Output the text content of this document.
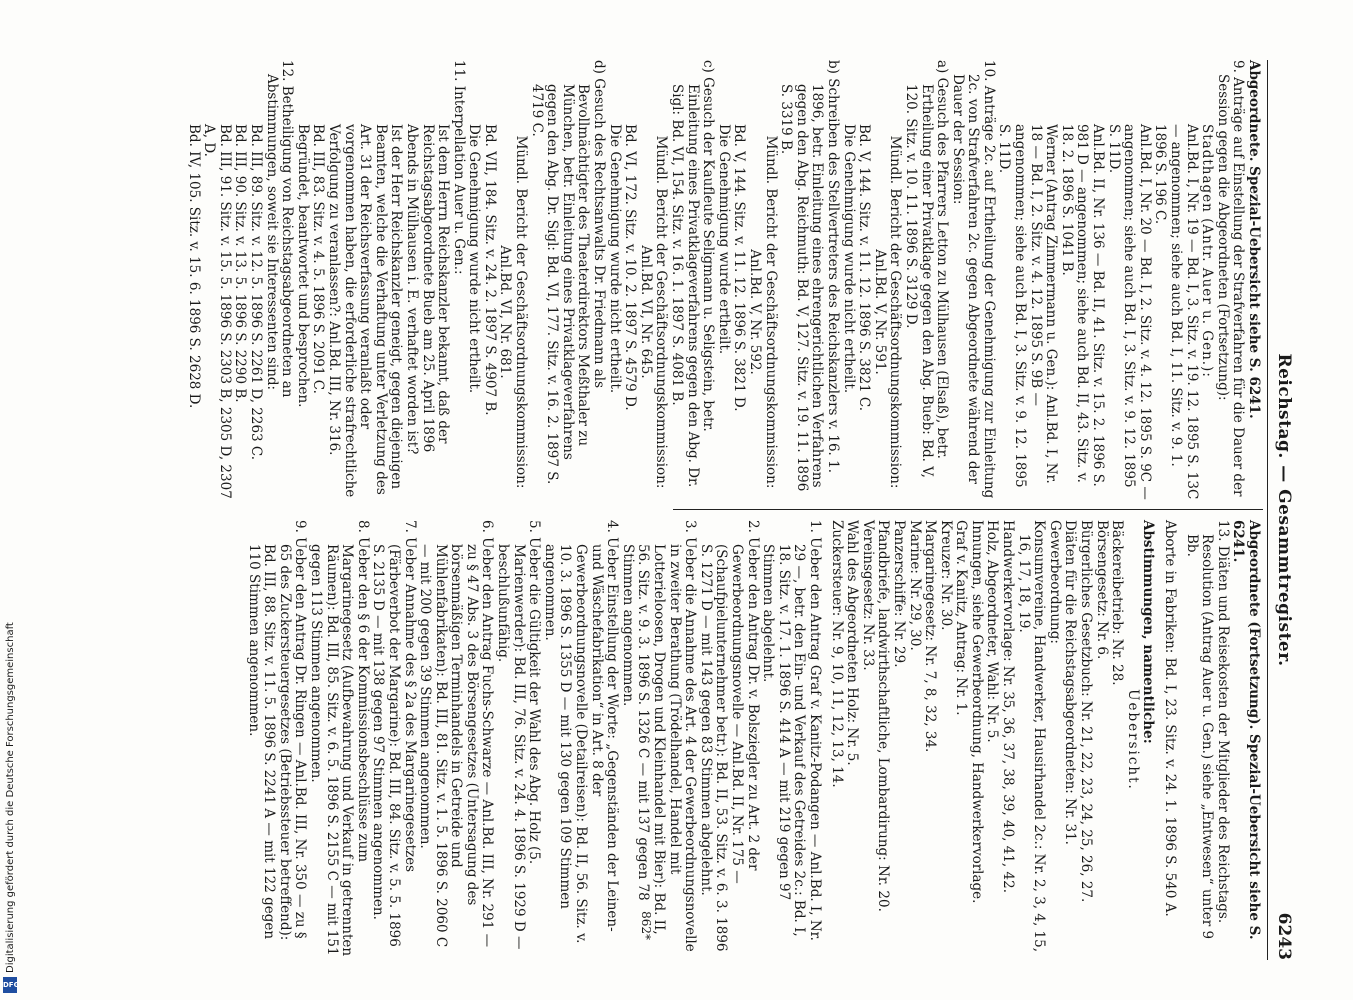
Reichstag. — Gesammtregister.
6243

Abgeordnete. Spezial-Uebersicht siehe S. 6241.

9. Anträge auf Einstellung der Strafverfahren für die Dauer der Session gegen die Abgeordneten (Fortsetzung):

Stadthagen (Antr. Auer u. Gen.):

Anl.Bd. I, Nr. 19 — Bd. I, 3. Sitz. v. 19. 12. 1895 S. 13C — angenommen; siehe auch Bd. I, 11. Sitz. v. 9. 1. 1896 S. 196 C.

Anl.Bd. I, Nr. 20 — Bd. I, 2. Sitz. v. 4. 12. 1895 S. 9C — angenommen; siehe auch Bd. I, 3. Sitz. v. 9. 12. 1895 S. 11D.

Anl.Bd. II, Nr. 136 — Bd. II, 41. Sitz. v. 15. 2. 1896 S. 981 D — angenommen; siehe auch Bd. II, 43. Sitz. v. 18. 2. 1896 S. 1041 B.

Werner (Antrag Zimmermann u. Gen.): Anl.Bd. I, Nr. 18 — Bd. I, 2. Sitz. v. 4. 12. 1895 S. 9B — angenommen; siehe auch Bd. I, 3. Sitz. v. 9. 12. 1895 S. 11D.

10. Anträge 2c. auf Ertheilung der Genehmigung zur Einleitung 2c. von Strafverfahren 2c. gegen Abgeordnete während der Dauer der Session:

a) Gesuch des Pfarrers Letton zu Mülhausen (Elsaß), betr. Ertheilung einer Privatklage gegen den Abg. Bueb: Bd. V, 120. Sitz. v. 10. 11. 1896 S. 3129 D.

Mündl. Bericht der Geschäftsordnungskommission: Anl.Bd. V, Nr. 591.

Bd. V, 144. Sitz. v. 11. 12. 1896 S. 3821 C.

Die Genehmigung wurde nicht ertheilt.

b) Schreiben des Stellvertreters des Reichskanzlers v. 16. 1. 1896, betr. Einleitung eines ehrengerichtlichen Verfahrens gegen den Abg. Reichmuth: Bd. V, 127. Sitz. v. 19. 11. 1896 S. 3319 B.

Mündl. Bericht der Geschäftsordnungskommission: Anl.Bd. V, Nr. 592.

Bd. V, 144. Sitz. v. 11. 12. 1896 S. 3821 D.

Die Genehmigung wurde ertheilt.

c) Gesuch der Kaufleute Seligmann u. Seligstein, betr. Einleitung eines Privatklageverfahrens gegen den Abg. Dr. Sigl: Bd. VI, 154. Sitz. v. 16. 1. 1897 S. 4081 B.

Mündl. Bericht der Geschäftsordnungskommission: Anl.Bd. VI, Nr. 645.

Bd. VI, 172. Sitz. v. 10. 2. 1897 S. 4579 D.

Die Genehmigung wurde nicht ertheilt.

d) Gesuch des Rechtsanwalts Dr. Friedmann als Bevollmächtigter des Theaterdirektors Meßthaler zu München, betr. Einleitung eines Privatklageverfahrens gegen den Abg. Dr. Sigl: Bd. VI, 177. Sitz. v. 16. 2. 1897 S. 4719 C.

Mündl. Bericht der Geschäftsordnungskommission: Anl.Bd. VI, Nr. 681.

Bd. VII, 184. Sitz. v. 24. 2. 1897 S. 4907 B.

Die Genehmigung wurde nicht ertheilt.

11. Interpellation Auer u. Gen.:

Ist dem Herrn Reichskanzler bekannt, daß der Reichstagsabgeordnete Bueb am 25. April 1896 Abends in Mülhausen i. E. verhaftet worden ist?

Ist der Herr Reichskanzler geneigt, gegen diejenigen Beamten, welche die Verhaftung unter Verletzung des Art. 31 der Reichsverfassung veranlaßt oder vorgenommen haben, die erforderliche strafrechtliche Verfolgung zu veranlassen?: Anl.Bd. III, Nr. 316.

Bd. III, 83. Sitz. v. 4. 5. 1896 S. 2091 C.

Begründet, beantwortet und besprochen.

12. Betheiligung von Reichstagsabgeordneten an Abstimmungen, soweit sie Interessenten sind:

Bd. III, 89. Sitz. v. 12. 5. 1896 S. 2261 D, 2263 C.

Bd. III, 90. Sitz. v. 13. 5. 1896 S. 2290 B.

Bd. III, 91. Sitz. v. 15. 5. 1896 S. 2303 B, 2305 D, 2307 A, D.

Bd. IV, 105. Sitz. v. 15. 6. 1896 S. 2628 D.

Abgeordnete (Fortsetzung). Spezial-Uebersicht siehe S. 6241.

13. Diäten und Reisekosten der Mitglieder des Reichstags. Resolution (Antrag Auer u. Gen.) siehe „Entwesen“ unter 9 Bb.

Aborte in Fabriken: Bd. I, 23. Sitz. v. 24. 1. 1896 S. 540 A.

Abstimmungen, namentliche:

Uebersicht.

Bäckereibetrieb: Nr. 28.

Börsengesetz: Nr. 6.

Bürgerliches Gesetzbuch: Nr. 21, 22, 23, 24, 25, 26, 27.

Diäten für die Reichstagsabgeordneten: Nr. 31.

Gewerbeordnung:

Konsumvereine, Handwerker, Hausirhandel 2c.: Nr. 2, 3, 4, 15, 16, 17, 18, 19.

Handwerkervorlage: Nr. 35, 36, 37, 38, 39, 40, 41, 42.

Holz, Abgeordneter, Wahl: Nr. 5.

Innungen, siehe Gewerbeordnung, Handwerkervorlage.

Graf v. Kanitz, Antrag: Nr. 1.

Kreuzer: Nr. 30.

Margarinegesetz: Nr. 7, 8, 32, 34.

Marine: Nr. 29, 30.

Panzerschiffe: Nr. 29.

Pfandbriefe, landwirthschaftliche, Lombardirung: Nr. 20.

Vereinsgesetz: Nr. 33.

Wahl des Abgeordneten Holz: Nr. 5.

Zuckersteuer: Nr. 9, 10, 11, 12, 13, 14.

1. Ueber den Antrag Graf v. Kanitz-Podangen — Anl.Bd. I, Nr. 29 —, betr. den Ein- und Verkauf des Getreides 2c.: Bd. I, 18. Sitz. v. 17. 1. 1896 S. 414 A — mit 219 gegen 97 Stimmen abgelehnt.

2. Ueber den Antrag Dr. v. Bolsziegler zu Art. 2 der Gewerbeordnungsnovelle — Anl.Bd. II, Nr. 175 — (Schaufpielunternehmer betr.): Bd. II, 53. Sitz. v. 6. 3. 1896 S. 1271 D — mit 143 gegen 83 Stimmen abgelehnt.

3. Ueber die Annahme des Art. 4 der Gewerbeordnungsnovelle in zweiter Berathung (Trödelhandel, Handel mit Lotterieloosen, Drogen und Kleinhandel mit Bier): Bd. II, 56. Sitz. v. 9. 3. 1896 S. 1326 C — mit 137 gegen 78 Stimmen angenommen.

4. Ueber Einstellung der Worte: „Gegenständen der Leinen- und Wäschefabrikation“ in Art. 8 der Gewerbeordnungsnovelle (Detailreisen): Bd. II, 56. Sitz. v. 10. 3. 1896 S. 1355 D — mit 130 gegen 109 Stimmen angenommen.

5. Ueber die Gültigkeit der Wahl des Abg. Holz (5. Marienwerder): Bd. III, 76. Sitz. v. 24. 4. 1896 S. 1929 D — beschlußunfähig.

6. Ueber den Antrag Fuchs-Schwarze — Anl.Bd. III, Nr. 291 — zu § 47 Abs. 3 des Börsengesetzes (Untersagung des börsenmäßigen Terminhandels in Getreide und Mühlenfabrikaten): Bd. III, 81. Sitz. v. 1. 5. 1896 S. 2060 C — mit 200 gegen 39 Stimmen angenommen.

7. Ueber Annahme des § 2a des Margarinegesetzes (Färbeverbot der Margarine): Bd. III, 84. Sitz. v. 5. 5. 1896 S. 2135 D — mit 138 gegen 97 Stimmen angenommen.

8. Ueber den § 6 der Kommissionsbeschlüsse zum Margarinegesetz (Aufbewahrung und Verkauf in getrennten Räumen): Bd. III, 85. Sitz. v. 6. 5. 1896 S. 2155 C — mit 151 gegen 113 Stimmen angenommen.

9. Ueber den Antrag Dr. Ringen — Anl.Bd. III, Nr. 350 — zu § 65 des Zuckersteuergesetzes (Betriebssteuer betreffend): Bd. III, 88. Sitz. v. 11. 5. 1896 S. 2241 A — mit 122 gegen 110 Stimmen angenommen.

862*
Digitalisierung gefördert durch die Deutsche Forschungsgemeinschaft
DFG
